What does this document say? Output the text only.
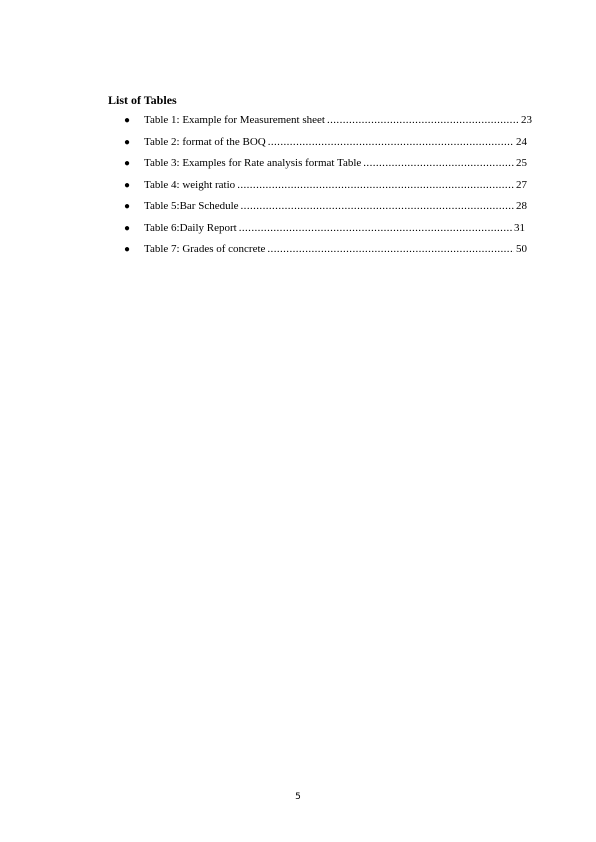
List of Tables
●	Table 1: Example for Measurement sheet .....	23
●	Table 2: format of the BOQ .....	24
●	Table 3: Examples for Rate analysis format Table .....	25
●	Table 4: weight ratio .....	27
●	Table 5:Bar Schedule .....	28
●	Table 6:Daily Report .....	31
●	Table 7: Grades of concrete .....	50
5
